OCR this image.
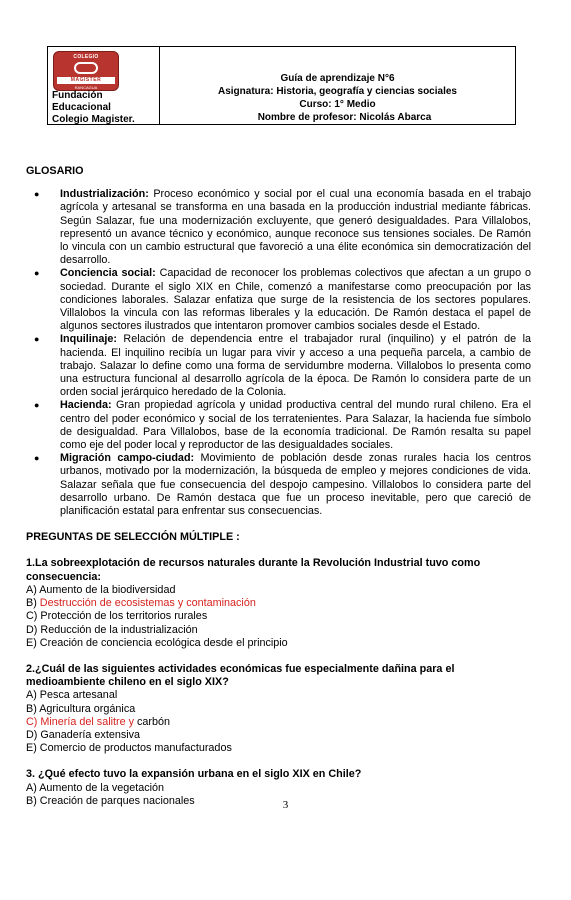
COLEGIO
MAGISTER
RANCAGUA
Fundación
Educacional
Colegio Magister.
Guía de aprendizaje N°6
Asignatura: Historia, geografía y ciencias sociales
Curso: 1° Medio
Nombre de profesor: Nicolás Abarca
GLOSARIO
● Industrialización: Proceso económico y social por el cual una economía basada en el trabajo agrícola y artesanal se transforma en una basada en la producción industrial mediante fábricas. Según Salazar, fue una modernización excluyente, que generó desigualdades. Para Villalobos, representó un avance técnico y económico, aunque reconoce sus tensiones sociales. De Ramón lo vincula con un cambio estructural que favoreció a una élite económica sin democratización del desarrollo.
● Conciencia social: Capacidad de reconocer los problemas colectivos que afectan a un grupo o sociedad. Durante el siglo XIX en Chile, comenzó a manifestarse como preocupación por las condiciones laborales. Salazar enfatiza que surge de la resistencia de los sectores populares. Villalobos la vincula con las reformas liberales y la educación. De Ramón destaca el papel de algunos sectores ilustrados que intentaron promover cambios sociales desde el Estado.
● Inquilinaje: Relación de dependencia entre el trabajador rural (inquilino) y el patrón de la hacienda. El inquilino recibía un lugar para vivir y acceso a una pequeña parcela, a cambio de trabajo. Salazar lo define como una forma de servidumbre moderna. Villalobos lo presenta como una estructura funcional al desarrollo agrícola de la época. De Ramón lo considera parte de un orden social jerárquico heredado de la Colonia.
● Hacienda: Gran propiedad agrícola y unidad productiva central del mundo rural chileno. Era el centro del poder económico y social de los terratenientes. Para Salazar, la hacienda fue símbolo de desigualdad. Para Villalobos, base de la economía tradicional. De Ramón resalta su papel como eje del poder local y reproductor de las desigualdades sociales.
● Migración campo-ciudad: Movimiento de población desde zonas rurales hacia los centros urbanos, motivado por la modernización, la búsqueda de empleo y mejores condiciones de vida. Salazar señala que fue consecuencia del despojo campesino. Villalobos lo considera parte del desarrollo urbano. De Ramón destaca que fue un proceso inevitable, pero que careció de planificación estatal para enfrentar sus consecuencias.
PREGUNTAS DE SELECCIÓN MÚLTIPLE :
1.La sobreexplotación de recursos naturales durante la Revolución Industrial tuvo como consecuencia:
A) Aumento de la biodiversidad
B) Destrucción de ecosistemas y contaminación
C) Protección de los territorios rurales
D) Reducción de la industrialización
E) Creación de conciencia ecológica desde el principio
2.¿Cuál de las siguientes actividades económicas fue especialmente dañina para el medioambiente chileno en el siglo XIX?
A) Pesca artesanal
B) Agricultura orgánica
C) Minería del salitre y carbón
D) Ganadería extensiva
E) Comercio de productos manufacturados
3. ¿Qué efecto tuvo la expansión urbana en el siglo XIX en Chile?
A) Aumento de la vegetación
B) Creación de parques nacionales	3
